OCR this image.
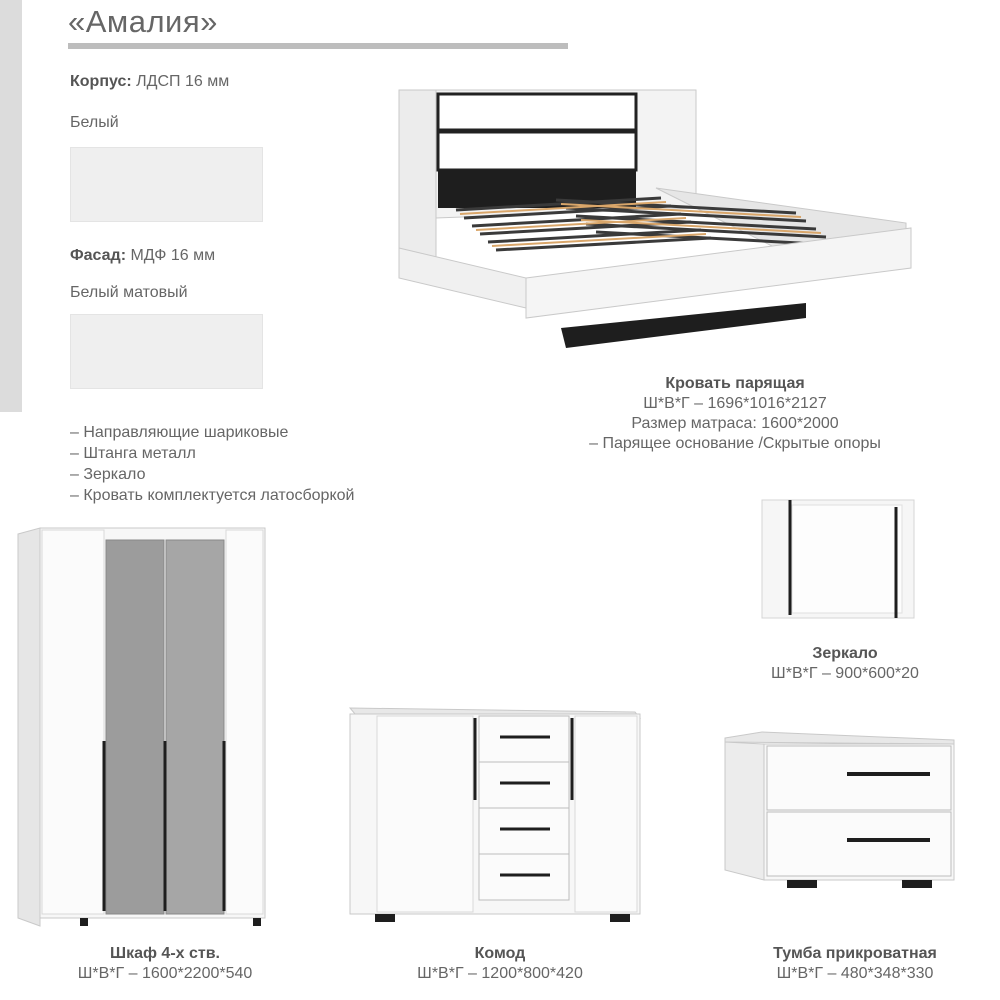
«Амалия»
Корпус: ЛДСП 16 мм
Белый
Фасад: МДФ 16 мм
Белый матовый
– Направляющие шариковые
– Штанга металл
– Зеркало
– Кровать комплектуется латосборкой
Кровать парящая
Ш*В*Г – 1696*1016*2127
Размер матраса: 1600*2000
– Парящее основание /Скрытые опоры
Зеркало
Ш*В*Г – 900*600*20
Шкаф 4-х ств.
Ш*В*Г – 1600*2200*540
Комод
Ш*В*Г – 1200*800*420
Тумба прикроватная
Ш*В*Г – 480*348*330
